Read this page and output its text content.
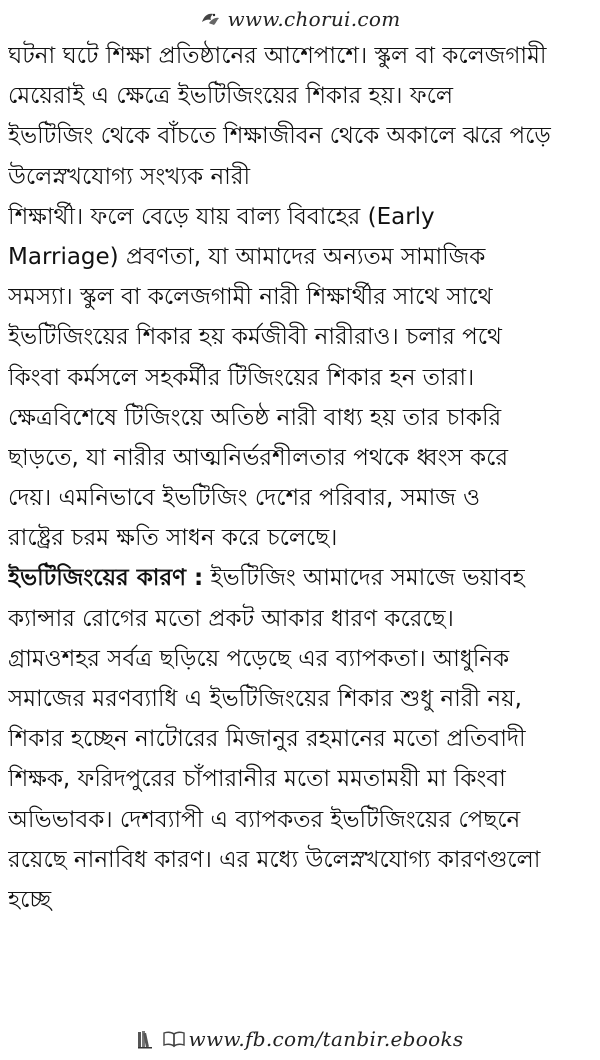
www.chorui.com
ঘটনা ঘটে শিক্ষা প্রতিষ্ঠানের আশেপাশে। স্কুল বা কলেজগামী
মেয়েরাই এ ক্ষেত্রে ইভটিজিংয়ের শিকার হয়। ফলে
ইভটিজিং থেকে বাঁচতে শিক্ষাজীবন থেকে অকালে ঝরে পড়ে
উলেস্নখযোগ্য সংখ্যক নারী
শিক্ষার্থী। ফলে বেড়ে যায় বাল্য বিবাহের (Early
Marriage) প্রবণতা, যা আমাদের অন্যতম সামাজিক
সমস্যা। স্কুল বা কলেজগামী নারী শিক্ষার্থীর সাথে সাথে
ইভটিজিংয়ের শিকার হয় কর্মজীবী নারীরাও। চলার পথে
কিংবা কর্মসলে সহকর্মীর টিজিংয়ের শিকার হন তারা।
ক্ষেত্রবিশেষে টিজিংয়ে অতিষ্ঠ নারী বাধ্য হয় তার চাকরি
ছাড়তে, যা নারীর আত্মনির্ভরশীলতার পথকে ধ্বংস করে
দেয়। এমনিভাবে ইভটিজিং দেশের পরিবার, সমাজ ও
রাষ্ট্রের চরম ক্ষতি সাধন করে চলেছে।
ইভটিজিংয়ের কারণ : ইভটিজিং আমাদের সমাজে ভয়াবহ
ক্যান্সার রোগের মতো প্রকট আকার ধারণ করেছে।
গ্রামওশহর সর্বত্র ছড়িয়ে পড়েছে এর ব্যাপকতা। আধুনিক
সমাজের মরণব্যাধি এ ইভটিজিংয়ের শিকার শুধু নারী নয়,
শিকার হচ্ছেন নাটোরের মিজানুর রহমানের মতো প্রতিবাদী
শিক্ষক, ফরিদপুরের চাঁপারানীর মতো মমতাময়ী মা কিংবা
অভিভাবক। দেশব্যাপী এ ব্যাপকতর ইভটিজিংয়ের পেছনে
রয়েছে নানাবিধ কারণ। এর মধ্যে উলেস্নখযোগ্য কারণগুলো
হচ্ছে
www.fb.com/tanbir.ebooks
